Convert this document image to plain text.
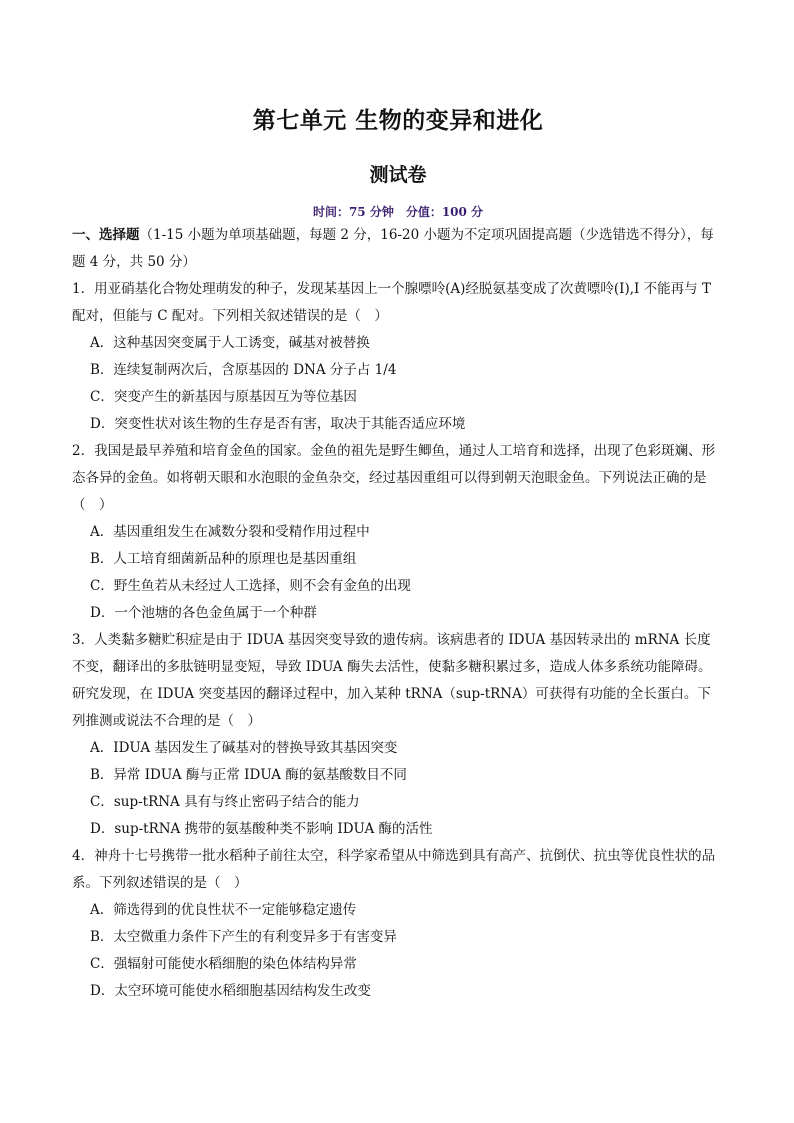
第七单元 生物的变异和进化
测试卷
时间：75 分钟　分值：100 分

一、选择题（1-15 小题为单项基础题，每题 2 分，16-20 小题为不定项巩固提高题（少选错选不得分），每题 4 分，共 50 分）

1．用亚硝基化合物处理萌发的种子，发现某基因上一个腺嘌呤(A)经脱氨基变成了次黄嘌呤(I),I 不能再与 T 配对，但能与 C 配对。下列相关叙述错误的是（　）

A．这种基因突变属于人工诱变，碱基对被替换

B．连续复制两次后，含原基因的 DNA 分子占 1/4

C．突变产生的新基因与原基因互为等位基因

D．突变性状对该生物的生存是否有害，取决于其能否适应环境

2．我国是最早养殖和培育金鱼的国家。金鱼的祖先是野生鲫鱼，通过人工培育和选择，出现了色彩斑斓、形态各异的金鱼。如将朝天眼和水泡眼的金鱼杂交，经过基因重组可以得到朝天泡眼金鱼。下列说法正确的是（　）

A．基因重组发生在减数分裂和受精作用过程中

B．人工培育细菌新品种的原理也是基因重组

C．野生鱼若从未经过人工选择，则不会有金鱼的出现

D．一个池塘的各色金鱼属于一个种群

3．人类黏多糖贮积症是由于 IDUA 基因突变导致的遗传病。该病患者的 IDUA 基因转录出的 mRNA 长度不变，翻译出的多肽链明显变短，导致 IDUA 酶失去活性，使黏多糖积累过多，造成人体多系统功能障碍。研究发现，在 IDUA 突变基因的翻译过程中，加入某种 tRNA（sup-tRNA）可获得有功能的全长蛋白。下列推测或说法不合理的是（　）

A．IDUA 基因发生了碱基对的替换导致其基因突变

B．异常 IDUA 酶与正常 IDUA 酶的氨基酸数目不同

C．sup-tRNA 具有与终止密码子结合的能力

D．sup-tRNA 携带的氨基酸种类不影响 IDUA 酶的活性

4．神舟十七号携带一批水稻种子前往太空，科学家希望从中筛选到具有高产、抗倒伏、抗虫等优良性状的品系。下列叙述错误的是（　）

A．筛选得到的优良性状不一定能够稳定遗传

B．太空微重力条件下产生的有利变异多于有害变异

C．强辐射可能使水稻细胞的染色体结构异常

D．太空环境可能使水稻细胞基因结构发生改变
